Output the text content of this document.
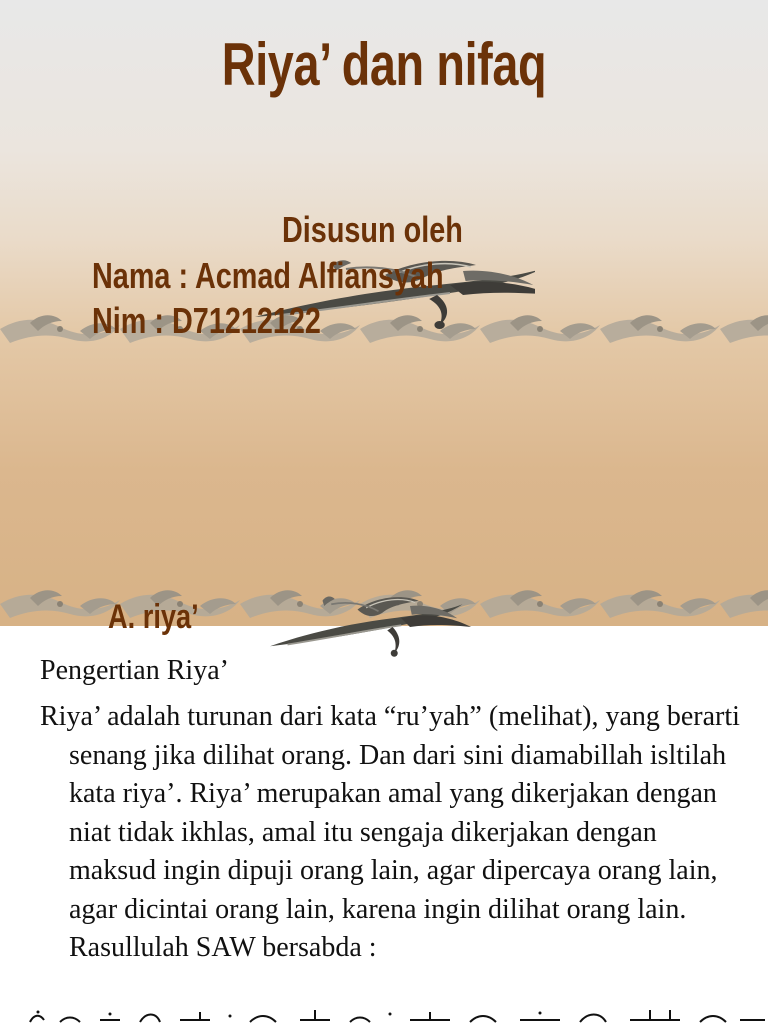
Riya’ dan nifaq
Disusun oleh
Nama : Acmad Alfiansyah
Nim : D71212122
A. riya’

Pengertian Riya’

Riya’ adalah turunan dari kata “ru’yah” (melihat), yang berarti senang jika dilihat orang. Dan dari sini diamabillah isltilah kata riya’. Riya’ merupakan amal yang dikerjakan dengan niat tidak ikhlas, amal itu sengaja dikerjakan dengan maksud ingin dipuji orang lain, agar dipercaya orang lain, agar dicintai orang lain, karena ingin dilihat orang lain. Rasullulah SAW bersabda :
